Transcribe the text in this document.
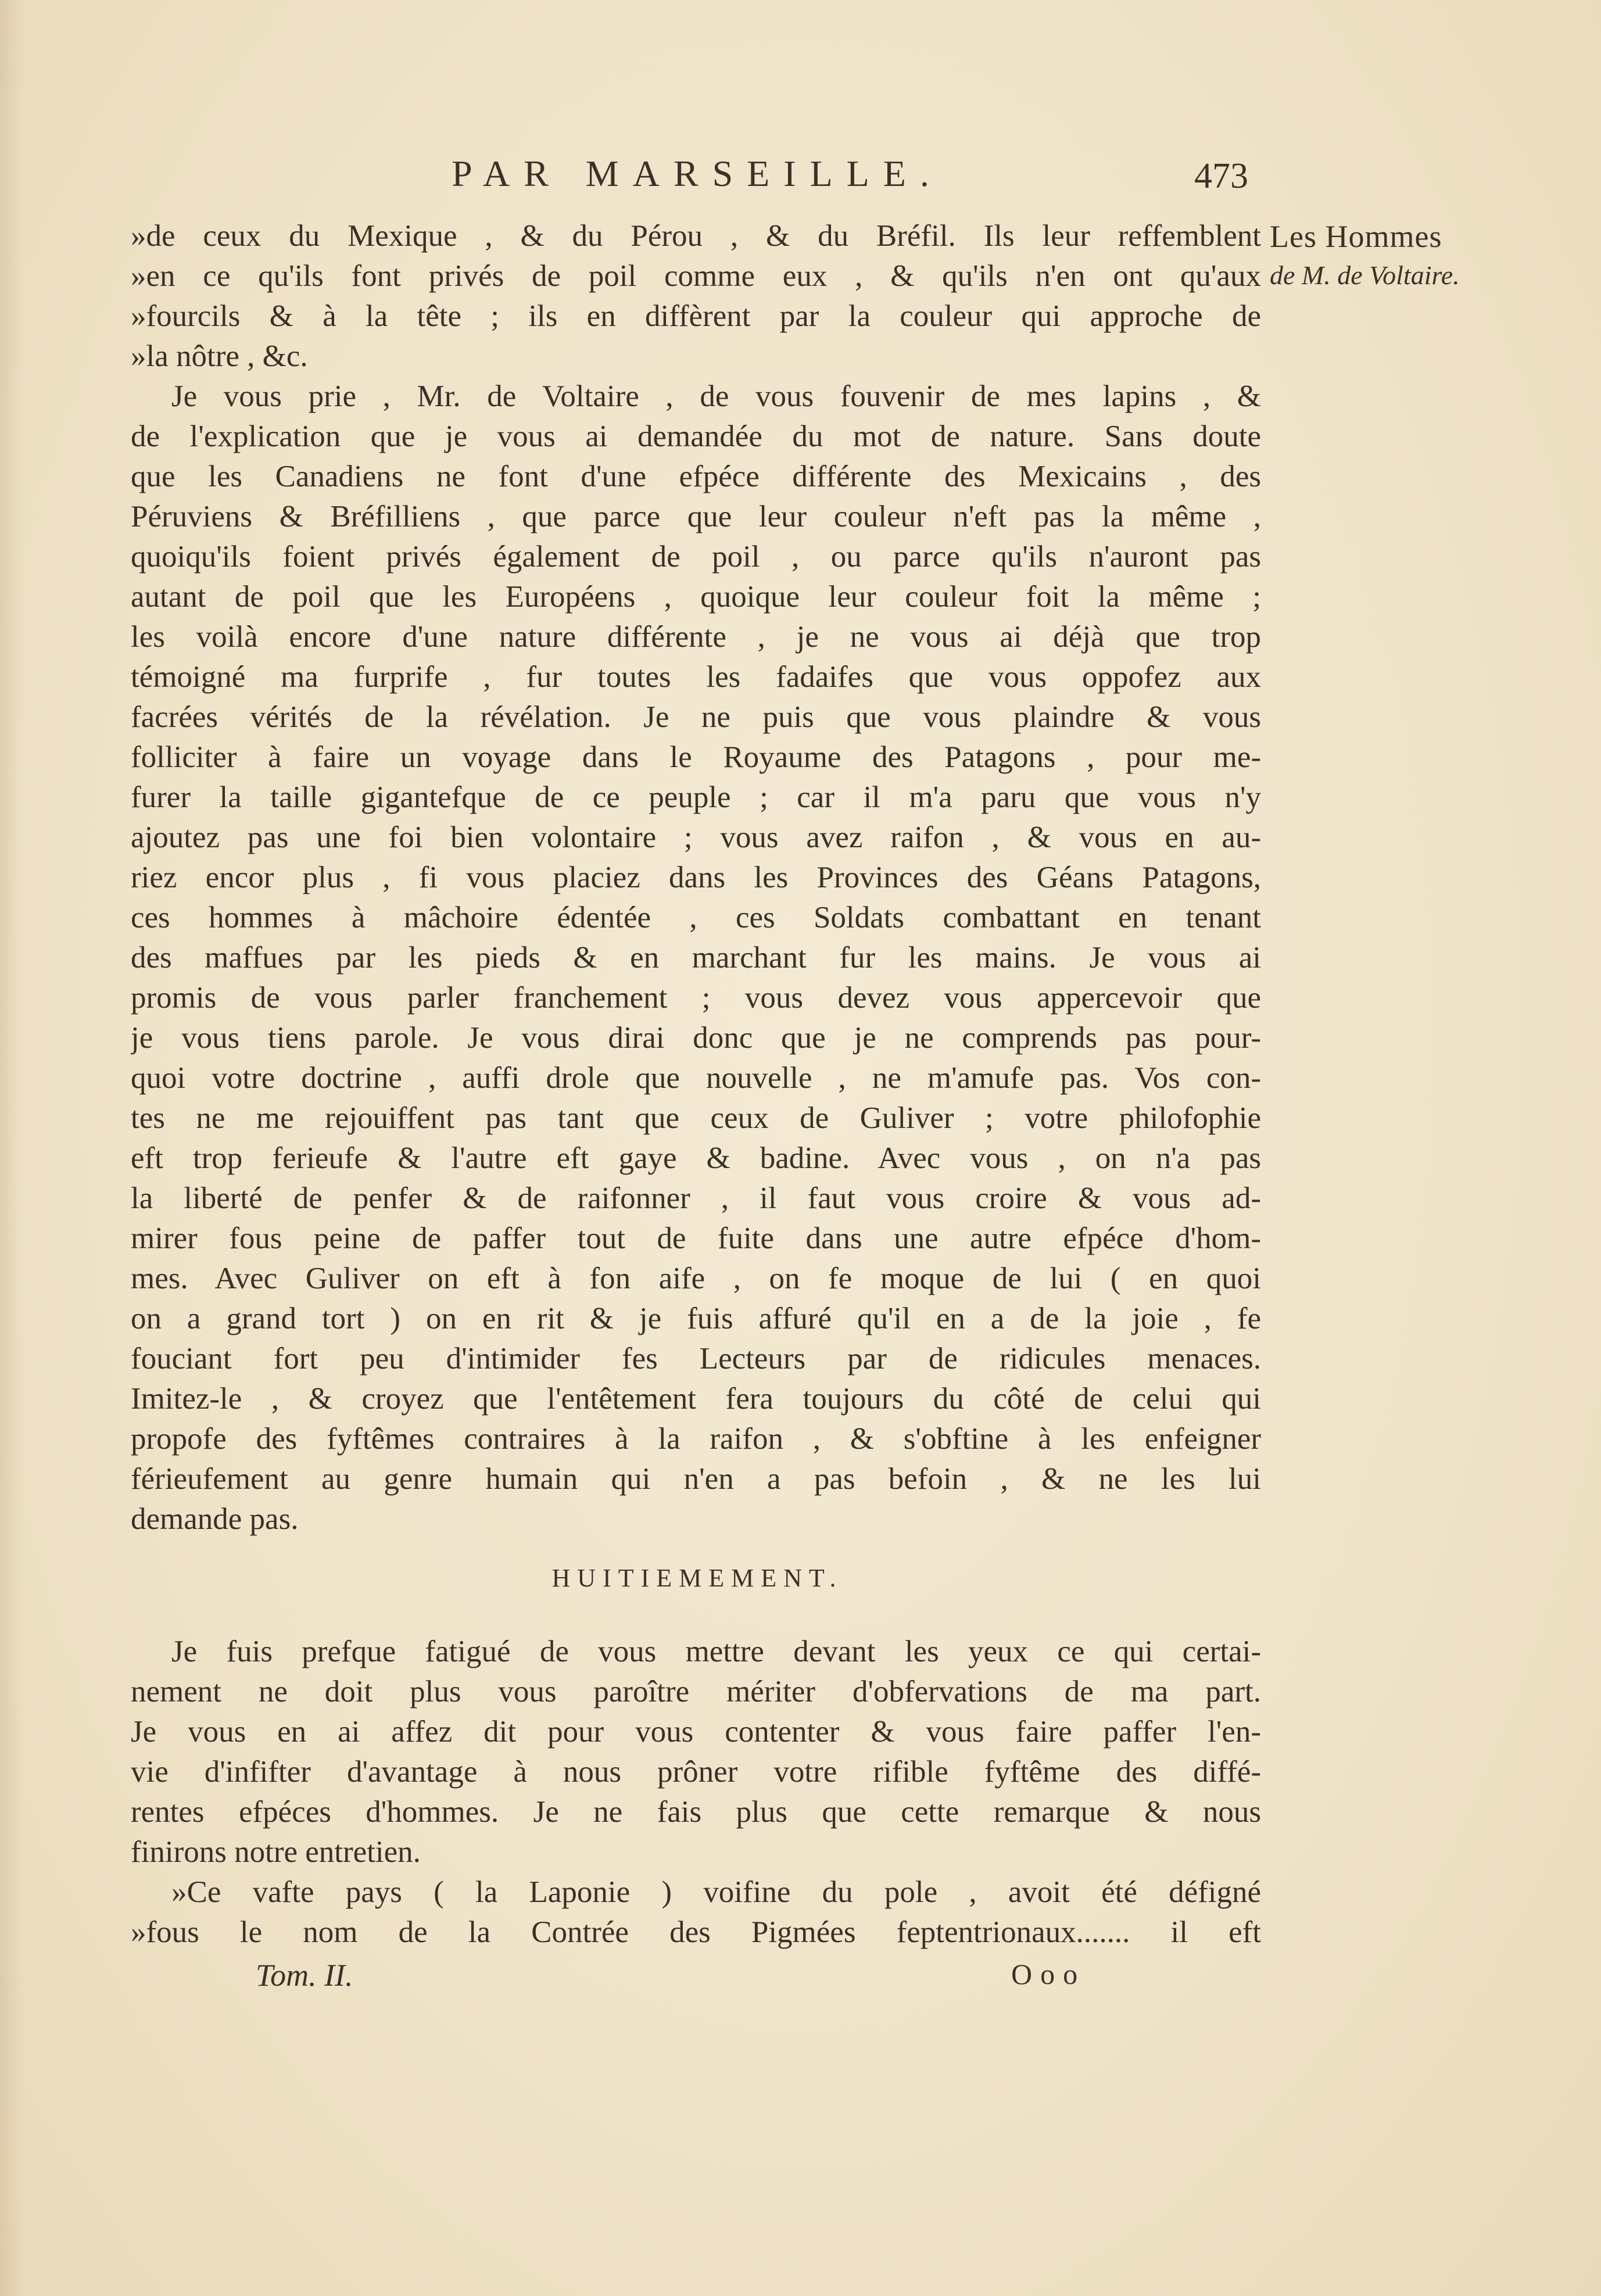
PAR MARSEILLE.	473
Les Hommes
de M. de Voltaire.
»de ceux du Mexique , & du Pérou , & du Bréfil. Ils leur reffemblent
»en ce qu'ils font privés de poil comme eux , & qu'ils n'en ont qu'aux
»fourcils & à la tête ; ils en diffèrent par la couleur qui approche de
»la nôtre , &c.
Je vous prie , Mr. de Voltaire , de vous fouvenir de mes lapins , &
de l'explication que je vous ai demandée du mot de nature. Sans doute
que les Canadiens ne font d'une efpéce différente des Mexicains , des
Péruviens & Bréfilliens , que parce que leur couleur n'eft pas la même ,
quoiqu'ils foient privés également de poil , ou parce qu'ils n'auront pas
autant de poil que les Européens , quoique leur couleur foit la même ;
les voilà encore d'une nature différente , je ne vous ai déjà que trop
témoigné ma furprife , fur toutes les fadaifes que vous oppofez aux
facrées vérités de la révélation. Je ne puis que vous plaindre & vous
folliciter à faire un voyage dans le Royaume des Patagons , pour me-
furer la taille gigantefque de ce peuple ; car il m'a paru que vous n'y
ajoutez pas une foi bien volontaire ; vous avez raifon , & vous en au-
riez encor plus , fi vous placiez dans les Provinces des Géans Patagons,
ces hommes à mâchoire édentée , ces Soldats combattant en tenant
des maffues par les pieds & en marchant fur les mains. Je vous ai
promis de vous parler franchement ; vous devez vous appercevoir que
je vous tiens parole. Je vous dirai donc que je ne comprends pas pour-
quoi votre doctrine , auffi drole que nouvelle , ne m'amufe pas. Vos con-
tes ne me rejouiffent pas tant que ceux de Guliver ; votre philofophie
eft trop ferieufe & l'autre eft gaye & badine. Avec vous , on n'a pas
la liberté de penfer & de raifonner , il faut vous croire & vous ad-
mirer fous peine de paffer tout de fuite dans une autre efpéce d'hom-
mes. Avec Guliver on eft à fon aife , on fe moque de lui ( en quoi
on a grand tort ) on en rit & je fuis affuré qu'il en a de la joie , fe
fouciant fort peu d'intimider fes Lecteurs par de ridicules menaces.
Imitez-le , & croyez que l'entêtement fera toujours du côté de celui qui
propofe des fyftêmes contraires à la raifon , & s'obftine à les enfeigner
férieufement au genre humain qui n'en a pas befoin , & ne les lui
demande pas.
HUITIEMEMENT.
Je fuis prefque fatigué de vous mettre devant les yeux ce qui certai-
nement ne doit plus vous paroître mériter d'obfervations de ma part.
Je vous en ai affez dit pour vous contenter & vous faire paffer l'en-
vie d'infifter d'avantage à nous prôner votre rifible fyftême des diffé-
rentes efpéces d'hommes. Je ne fais plus que cette remarque & nous
finirons notre entretien.
»Ce vafte pays ( la Laponie ) voifine du pole , avoit été défigné
»fous le nom de la Contrée des Pigmées feptentrionaux....... il eft
Tom. II.	Ooo
